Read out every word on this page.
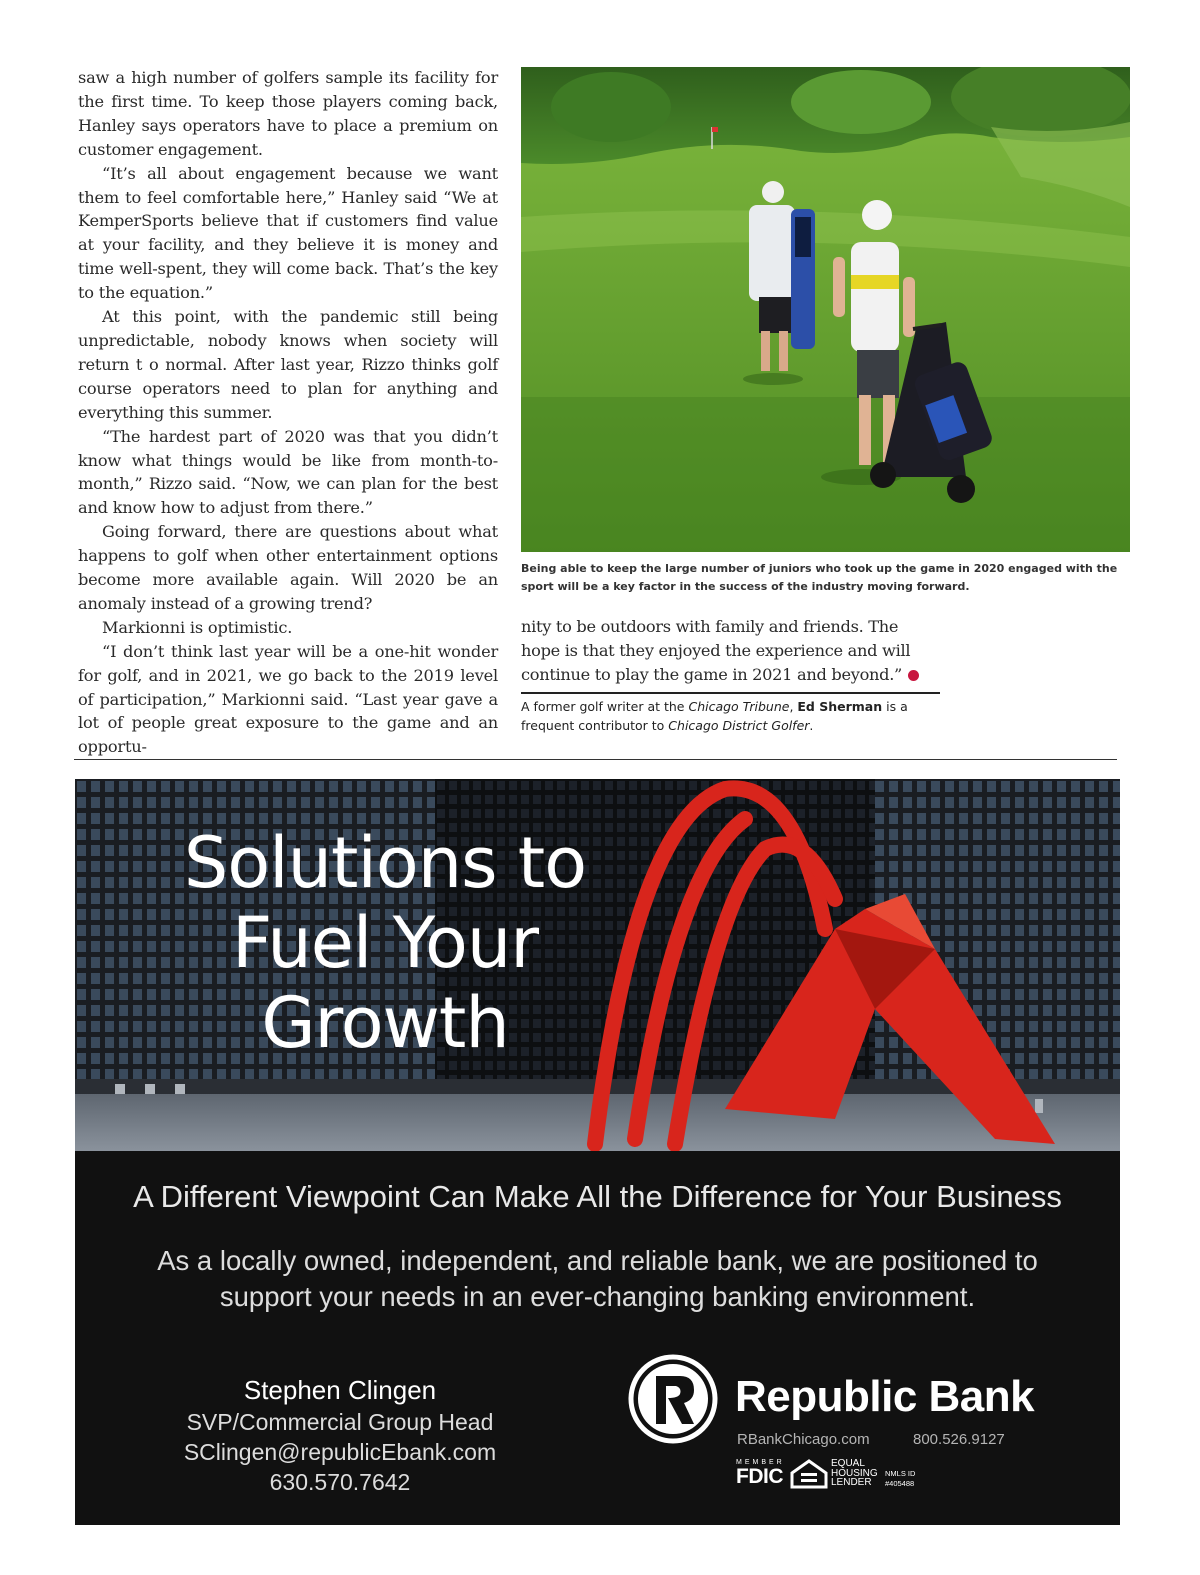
saw a high number of golfers sample its facility for the first time. To keep those players coming back, Hanley says operators have to place a premium on customer engagement.

“It’s all about engagement because we want them to feel comfortable here,” Hanley said “We at KemperSports believe that if customers find value at your facility, and they believe it is money and time well-spent, they will come back. That’s the key to the equation.”

At this point, with the pandemic still being unpredictable, nobody knows when society will return t o normal. After last year, Rizzo thinks golf course operators need to plan for anything and everything this summer.

“The hardest part of 2020 was that you didn’t know what things would be like from month-to-month,” Rizzo said. “Now, we can plan for the best and know how to adjust from there.”

Going forward, there are questions about what happens to golf when other entertainment options become more available again. Will 2020 be an anomaly instead of a growing trend?

Markionni is optimistic.

“I don’t think last year will be a one-hit wonder for golf, and in 2021, we go back to the 2019 level of participation,” Markionni said. “Last year gave a lot of people great exposure to the game and an opportu-

Being able to keep the large number of juniors who took up the game in 2020 engaged with the sport will be a key factor in the success of the industry moving forward.
nity to be outdoors with family and friends. The hope is that they enjoyed the experience and will continue to play the game in 2021 and beyond.”
A former golf writer at the Chicago Tribune, Ed Sherman is a frequent contributor to Chicago District Golfer.
Solutions to
Fuel Your
Growth
A Different Viewpoint Can Make All the Difference for Your Business
As a locally owned, independent, and reliable bank, we are positioned to support your needs in an ever-changing banking environment.
Stephen Clingen
SVP/Commercial Group Head
SClingen@republicEbank.com
630.570.7642
Republic Bank
RBankChicago.com	800.526.9127
MEMBER
FDIC
EQUAL
HOUSING
LENDER
NMLS ID
#405488
